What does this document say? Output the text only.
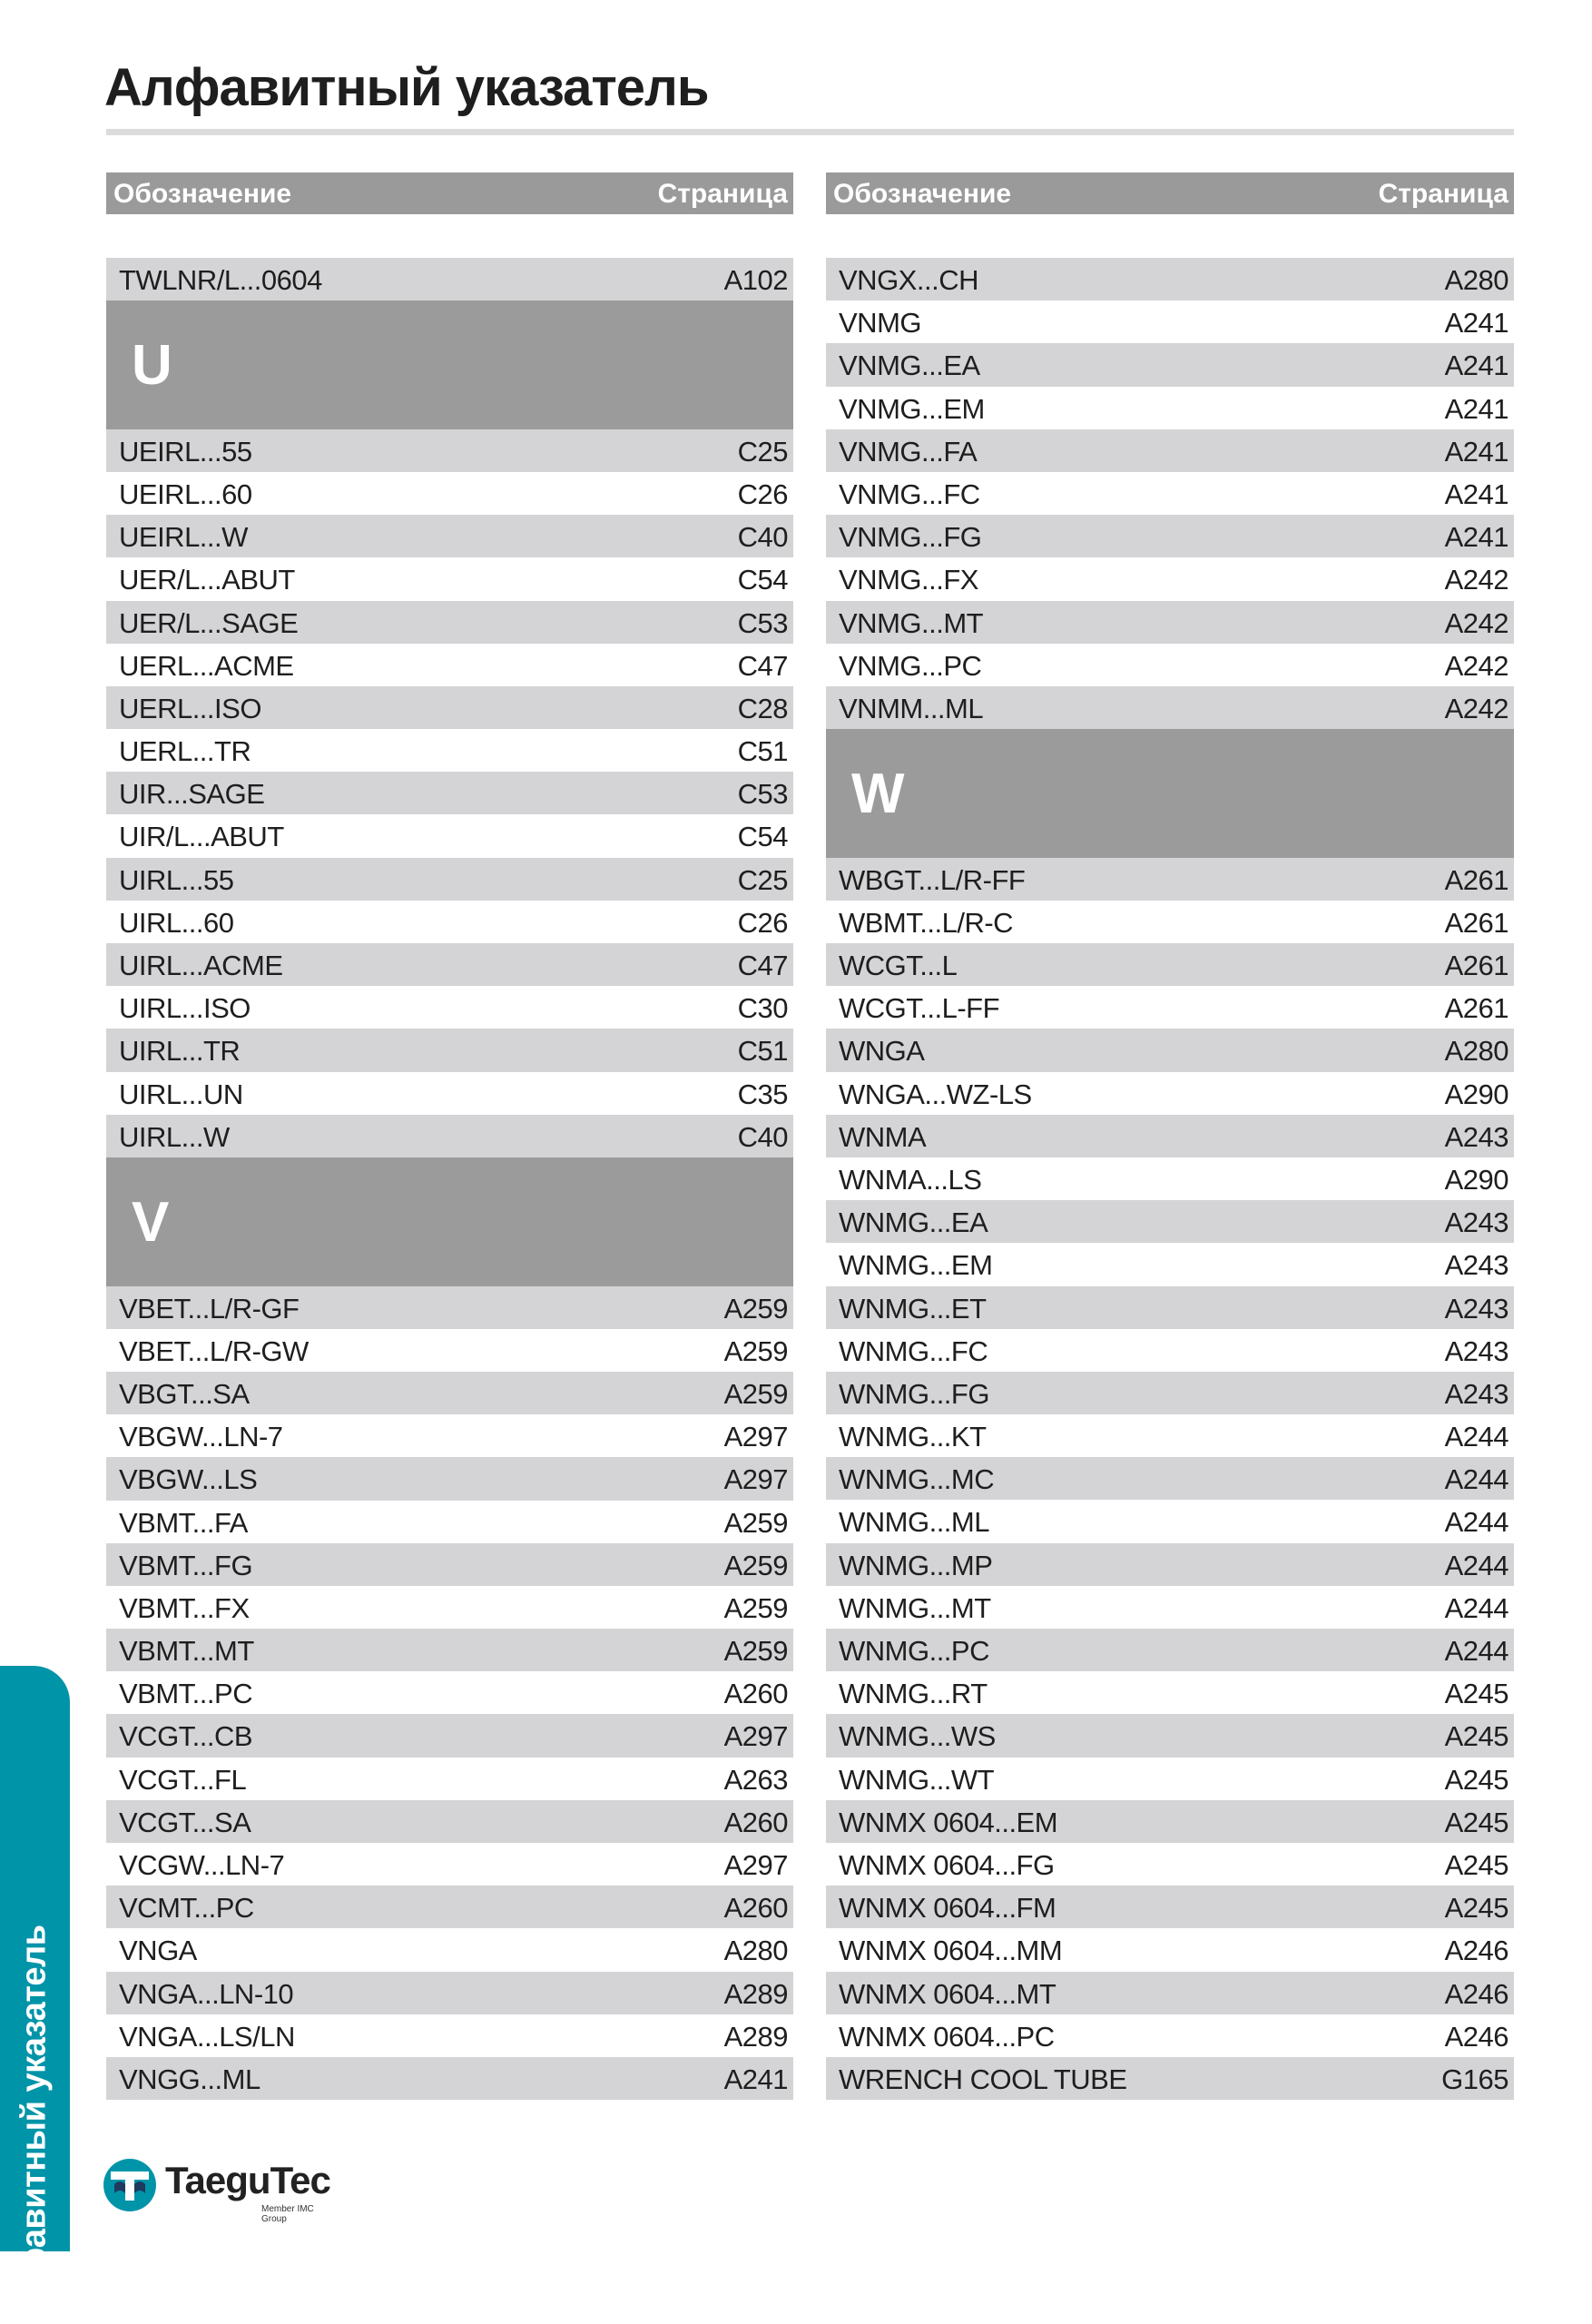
Алфавитный указатель
Обозначение	Страница
TWLNR/L...0604	A102
U
UEIRL...55	C25
UEIRL...60	C26
UEIRL...W	C40
UER/L...ABUT	C54
UER/L...SAGE	C53
UERL...ACME	C47
UERL...ISO	C28
UERL...TR	C51
UIR...SAGE	C53
UIR/L...ABUT	C54
UIRL...55	C25
UIRL...60	C26
UIRL...ACME	C47
UIRL...ISO	C30
UIRL...TR	C51
UIRL...UN	C35
UIRL...W	C40
V
VBET...L/R-GF	A259
VBET...L/R-GW	A259
VBGT...SA	A259
VBGW...LN-7	A297
VBGW...LS	A297
VBMT...FA	A259
VBMT...FG	A259
VBMT...FX	A259
VBMT...MT	A259
VBMT...PC	A260
VCGT...CB	A297
VCGT...FL	A263
VCGT...SA	A260
VCGW...LN-7	A297
VCMT...PC	A260
VNGA	A280
VNGA...LN-10	A289
VNGA...LS/LN	A289
VNGG...ML	A241
Обозначение	Страница
VNGX...CH	A280
VNMG	A241
VNMG...EA	A241
VNMG...EM	A241
VNMG...FA	A241
VNMG...FC	A241
VNMG...FG	A241
VNMG...FX	A242
VNMG...MT	A242
VNMG...PC	A242
VNMM...ML	A242
W
WBGT...L/R-FF	A261
WBMT...L/R-C	A261
WCGT...L	A261
WCGT...L-FF	A261
WNGA	A280
WNGA...WZ-LS	A290
WNMA	A243
WNMA...LS	A290
WNMG...EA	A243
WNMG...EM	A243
WNMG...ET	A243
WNMG...FC	A243
WNMG...FG	A243
WNMG...KT	A244
WNMG...MC	A244
WNMG...ML	A244
WNMG...MP	A244
WNMG...MT	A244
WNMG...PC	A244
WNMG...RT	A245
WNMG...WS	A245
WNMG...WT	A245
WNMX 0604...EM	A245
WNMX 0604...FG	A245
WNMX 0604...FM	A245
WNMX 0604...MM	A246
WNMX 0604...MT	A246
WNMX 0604...PC	A246
WRENCH COOL TUBE	G165
Алфавитный указатель	TaeguTec
Member IMC Group
